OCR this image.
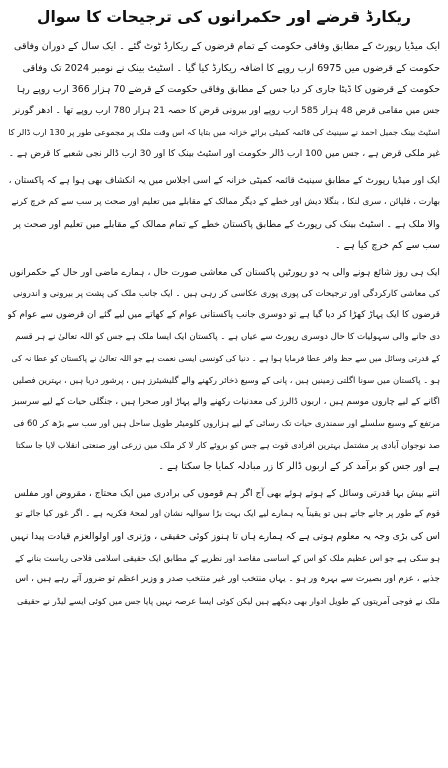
ریکارڈ قرضے اور حکمرانوں کی ترجیحات کا سوال
ایک میڈیا رپورٹ کے مطابق وفاقی حکومت کے تمام قرضوں کے ریکارڈ ٹوٹ گئے ۔ ایک سال کے دوران وفاقی
حکومت کے قرضوں میں 6975 ارب روپے کا اضافہ ریکارڈ کیا گیا ۔ اسٹیٹ بینک نے نومبر 2024 تک وفاقی
حکومت کے قرضوں کا ڈیٹا جاری کر دیا جس کے مطابق وفاقی حکومت کے قرضے 70 ہزار 366 ارب روپے رہا
جس میں مقامی قرض 48 ہزار 585 ارب روپے اور بیرونی قرض کا حصہ 21 ہزار 780 ارب روپے تھا ۔ ادھر گورنر
اسٹیٹ بینک جمیل احمد نے سینیٹ کی قائمہ کمیٹی برائے خزانہ میں بتایا کہ اس وقت ملک پر مجموعی طور پر 130 ارب ڈالر کا
غیر ملکی قرض ہے ، جس میں 100 ارب ڈالر حکومت اور اسٹیٹ بینک کا اور 30 ارب ڈالر نجی شعبے کا قرض ہے ۔
ایک اور میڈیا رپورٹ کے مطابق سینیٹ قائمہ کمیٹی خزانہ کے اسی اجلاس میں یہ انکشاف بھی ہوا ہے کہ پاکستان ،
بھارت ، فلپائن ، سری لنکا ، بنگلا دیش اور خطے کے دیگر ممالک کے مقابلے میں تعلیم اور صحت پر سب سے کم خرچ کرنے
والا ملک ہے ۔ اسٹیٹ بینک کی رپورٹ کے مطابق پاکستان خطے کے تمام ممالک کے مقابلے میں تعلیم اور صحت پر
سب سے کم خرچ کیا ہے ۔
ایک ہی روز شائع ہونے والی یہ دو رپورٹیں پاکستان کی معاشی صورت حال ، ہمارے ماضی اور حال کے حکمرانوں
کی معاشی کارکردگی اور ترجیحات کی پوری پوری عکاسی کر رہی ہیں ۔ ایک جانب ملک کی پشت پر بیرونی و اندرونی
قرضوں کا ایک پہاڑ کھڑا کر دیا گیا ہے تو دوسری جانب پاکستانی عوام کے کھاتے میں لیے گئے ان قرضوں سے عوام کو
دی جانے والی سہولیات کا حال دوسری رپورٹ سے عیاں ہے ۔ پاکستان ایک ایسا ملک ہے جس کو اللہ تعالیٰ نے ہر قسم
کے قدرتی وسائل میں سے حظ وافر عطا فرمایا ہوا ہے ۔ دنیا کی کونسی ایسی نعمت ہے جو اللہ تعالیٰ نے پاکستان کو عطا نہ کی
ہو ۔ پاکستان میں سونا اگلتی زمینیں ہیں ، پانی کے وسیع ذخائر رکھنے والے گلیشیئرز ہیں ، پرشور دریا ہیں ، بہترین فصلیں
اگانے کے لیے چاروں موسم ہیں ، اربوں ڈالرز کی معدنیات رکھنے والے پہاڑ اور صحرا ہیں ، جنگلی حیات کے لیے سرسبز
مرتفع کے وسیع سلسلے اور سمندری حیات تک رسائی کے لیے ہزاروں کلومیٹر طویل ساحل ہیں اور سب سے بڑھ کر 60 فی
صد نوجوان آبادی پر مشتمل بہترین افرادی قوت ہے جس کو بروئے کار لا کر ملک میں زرعی اور صنعتی انقلاب لایا جا سکتا
ہے اور جس کو برآمد کر کے اربوں ڈالر کا زر مبادلہ کمایا جا سکتا ہے ۔
اتنے بیش بہا قدرتی وسائل کے ہوتے ہوئے بھی آج اگر ہم قوموں کی برادری میں ایک محتاج ، مقروض اور مفلس
قوم کے طور پر جانے جاتے ہیں تو یقیناً یہ ہمارے لیے ایک بہت بڑا سوالیہ نشان اور لمحۂ فکریہ ہے ۔ اگر غور کیا جائے تو
اس کی بڑی وجہ یہ معلوم ہوتی ہے کہ ہمارے ہاں تا ہنوز کوئی حقیقی ، وژنری اور اولوالعزم قیادت پیدا نہیں
ہو سکی ہے جو اس عظیم ملک کو اس کے اساسی مقاصد اور نظریے کے مطابق ایک حقیقی اسلامی فلاحی ریاست بنانے کے
جذبے ، عزم اور بصیرت سے بہرہ ور ہو ۔ یہاں منتخب اور غیر منتخب صدر و وزیر اعظم تو ضرور آتے رہے ہیں ، اس
ملک نے فوجی آمریتوں کے طویل ادوار بھی دیکھے ہیں لیکن کوئی ایسا عرصہ نہیں پایا جس میں کوئی ایسے لیڈر نے حقیقی
